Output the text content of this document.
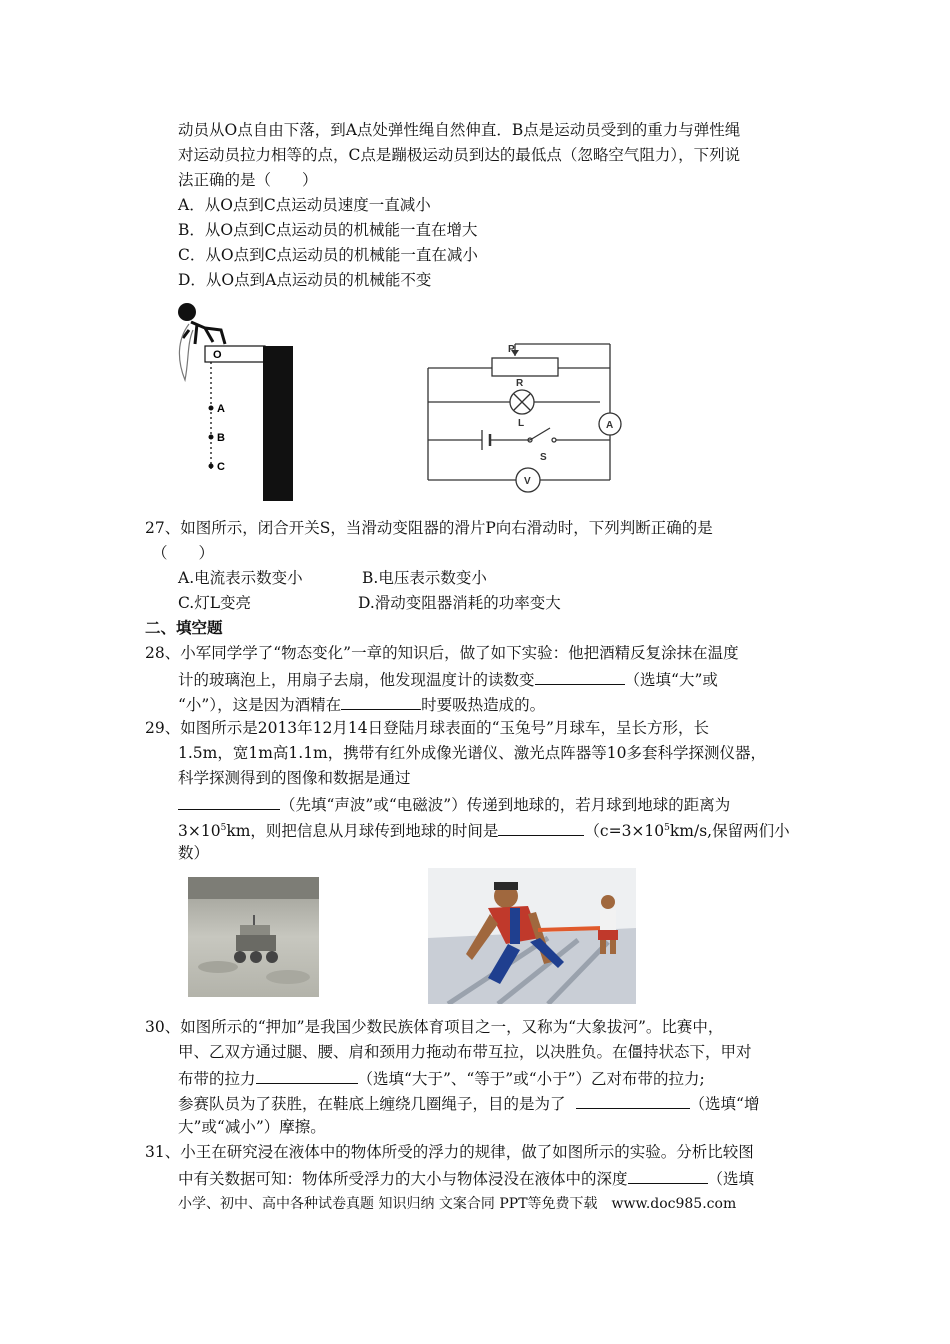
动员从O点自由下落，到A点处弹性绳自然伸直．B点是运动员受到的重力与弹性绳
对运动员拉力相等的点，C点是蹦极运动员到达的最低点（忽略空气阻力），下列说
法正确的是（　　）
A．从O点到C点运动员速度一直减小
B．从O点到C点运动员的机械能一直在增大
C．从O点到C点运动员的机械能一直在减小
D．从O点到A点运动员的机械能不变
O
A
B
C
P
R
L	A
S
V
27、如图所示，闭合开关S，当滑动变阻器的滑片P向右滑动时，下列判断正确的是
（　　）
A.电流表示数变小	B.电压表示数变小
C.灯L变亮	D.滑动变阻器消耗的功率变大
二、填空题
28、小军同学学了“物态变化”一章的知识后，做了如下实验：他把酒精反复涂抹在温度
计的玻璃泡上，用扇子去扇，他发现温度计的读数变	（选填“大”或
“小”），这是因为酒精在	时要吸热造成的。
29、如图所示是2013年12月14日登陆月球表面的“玉兔号”月球车，呈长方形，长
1.5m，宽1m高1.1m，携带有红外成像光谱仪、激光点阵器等10多套科学探测仪器，
科学探测得到的图像和数据是通过
（先填“声波”或“电磁波”）传递到地球的，若月球到地球的距离为
$3\times 10^5km$，则把信息从月球传到地球的时间是	（$c=3\times 10^5km/s$,保留两们小
数）
30、如图所示的“押加”是我国少数民族体育项目之一，又称为“大象拔河”。比赛中，
甲、乙双方通过腿、腰、肩和颈用力拖动布带互拉，以决胜负。在僵持状态下，甲对
布带的拉力	（选填“大于”、“等于”或“小于”）乙对布带的拉力;
参赛队员为了获胜，在鞋底上缠绕几圈绳子，目的是为了	（选填“增
大”或“减小”）摩擦。
31、小王在研究浸在液体中的物体所受的浮力的规律，做了如图所示的实验。分析比较图
中有关数据可知：物体所受浮力的大小与物体浸没在液体中的深度	（选填
小学、初中、高中各种试卷真题 知识归纳 文案合同 PPT等免费下载　www.doc985.com
